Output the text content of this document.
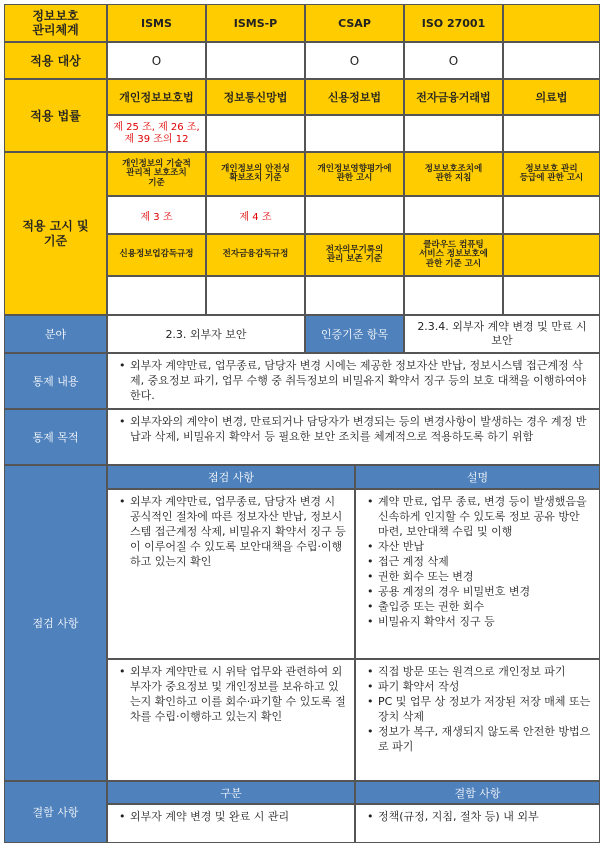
정보보호
관리체계	ISMS	ISMS-P	CSAP	ISO 27001
적용 대상	O	O	O
적용 법률
개인정보보호법	정보통신망법	신용정보법	전자금융거래법	의료법
제 25 조, 제 26 조,
제 39 조의 12
적용 고시 및
기준
개인정보의 기술적
관리적 보호조치
기준
개인정보의 안전성
확보조치 기준
개인정보영향평가에
관한 고시
정보보호조치에
관한 지침
정보보호 관리
등급에 관한 고시
제 3 조	제 4 조
신용정보업감독규정	전자금융감독규정	전자의무기록의
관리 보존 기준
클라우드 컴퓨팅
서비스 정보보호에
관한 기준 고시
분야	2.3. 외부자 보안	인증기준 항목
2.3.4. 외부자 계약 변경 및 만료 시 보안
통제 내용
• 외부자 계약만료, 업무종료, 담당자 변경 시에는 제공한 정보자산 반납, 정보시스템 접근계정 삭제, 중요정보 파기, 업무 수행 중 취득정보의 비밀유지 확약서 징구 등의 보호 대책을 이행하여야 한다.
통제 목적
• 외부자와의 계약이 변경, 만료되거나 담당자가 변경되는 등의 변경사항이 발생하는 경우 계정 반납과 삭제, 비밀유지 확약서 등 필요한 보안 조치를 체계적으로 적용하도록 하기 위함
점검 사항
점검 사항	설명
• 외부자 계약만료, 업무종료, 담당자 변경 시 공식적인 절차에 따른 정보자산 반납, 정보시스템 접근계정 삭제, 비밀유지 확약서 징구 등이 이루어질 수 있도록 보안대책을 수립·이행하고 있는지 확인
• 계약 만료, 업무 종료, 변경 등이 발생했음을 신속하게 인지할 수 있도록 정보 공유 방안 마련, 보안대책 수립 및 이행
• 자산 반납
• 접근 계정 삭제
• 권한 회수 또는 변경
• 공용 계정의 경우 비밀번호 변경
• 출입증 또는 권한 회수
• 비밀유지 확약서 징구 등
• 외부자 계약만료 시 위탁 업무와 관련하여 외부자가 중요정보 및 개인정보를 보유하고 있는지 확인하고 이를 회수·파기할 수 있도록 절차를 수립·이행하고 있는지 확인
• 직접 방문 또는 원격으로 개인정보 파기
• 파기 확약서 작성
• PC 및 업무 상 정보가 저장된 저장 매체 또는 장치 삭제
• 정보가 복구, 재생되지 않도록 안전한 방법으로 파기
결함 사항
구분	결함 사항
• 외부자 계약 변경 및 완료 시 관리
•	정책(규정, 지침, 절차 등) 내 외부
